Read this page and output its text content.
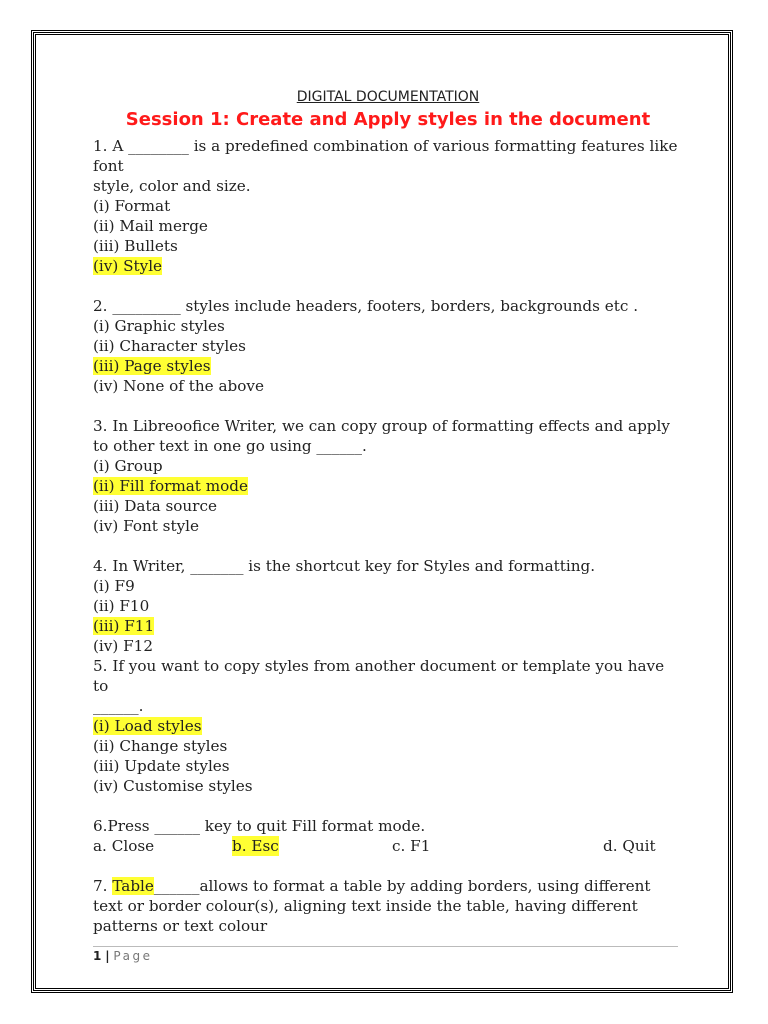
DIGITAL DOCUMENTATION

Session 1: Create and Apply styles in the document

1. A ________ is a predefined combination of various formatting features like

font

style, color and size.

(i) Format

(ii) Mail merge

(iii) Bullets

(iv) Style

2. _________ styles include headers, footers, borders, backgrounds etc .

(i) Graphic styles

(ii) Character styles

(iii) Page styles

(iv) None of the above

3. In Libreoofice Writer, we can copy group of formatting effects and apply

to other text in one go using ______.

(i) Group

(ii) Fill format mode

(iii) Data source

(iv) Font style

4. In Writer, _______ is the shortcut key for Styles and formatting.

(i) F9

(ii) F10

(iii) F11

(iv) F12

5. If you want to copy styles from another document or template you have

to

______.

(i) Load styles

(ii) Change styles

(iii) Update styles

(iv) Customise styles

6.Press ______ key to quit Fill format mode.

a. Close	b. Esc	c. F1	d. Quit

7. Table______allows to format a table by adding borders, using different

text or border colour(s), aligning text inside the table, having different

patterns or text colour

1 | Page
